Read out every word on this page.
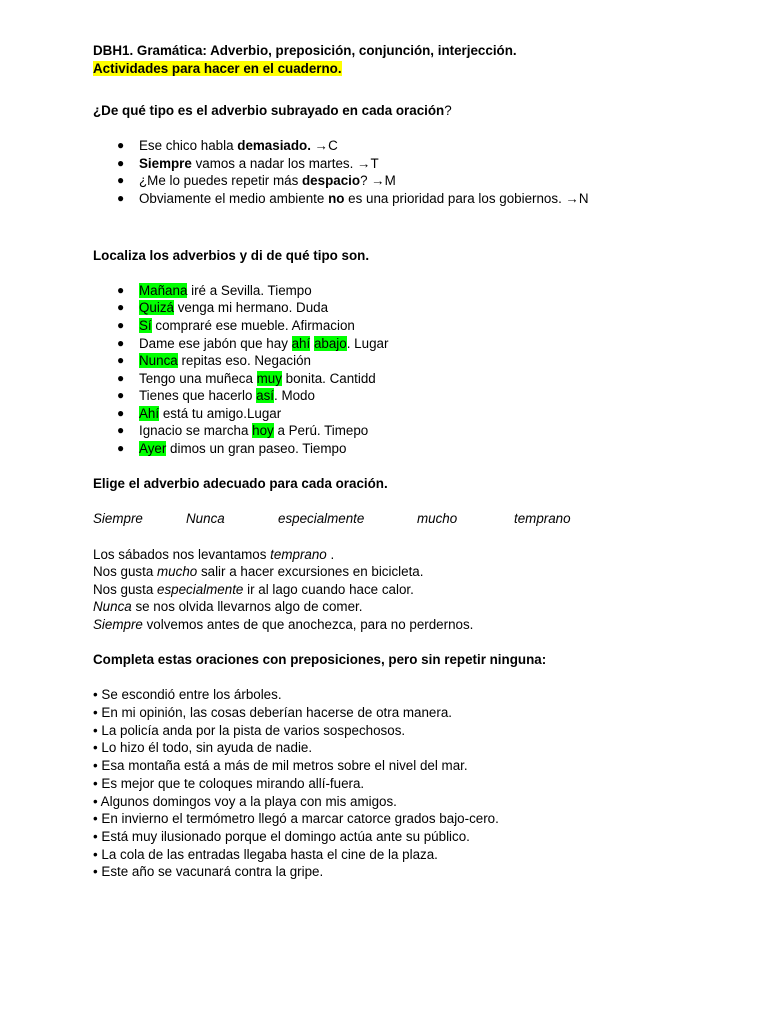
DBH1. Gramática: Adverbio, preposición, conjunción, interjección.
Actividades para hacer en el cuaderno.
¿De qué tipo es el adverbio subrayado en cada oración?
● Ese chico habla demasiado. →C
● Siempre vamos a nadar los martes. →T
● ¿Me lo puedes repetir más despacio? →M
● Obviamente el medio ambiente no es una prioridad para los gobiernos. →N
Localiza los adverbios y di de qué tipo son.
● Mañana iré a Sevilla. Tiempo
● Quizá venga mi hermano. Duda
● Sí compraré ese mueble. Afirmacion
● Dame ese jabón que hay ahí abajo. Lugar
● Nunca repitas eso. Negación
● Tengo una muñeca muy bonita. Cantidd
● Tienes que hacerlo así. Modo
● Ahí está tu amigo.Lugar
● Ignacio se marcha hoy a Perú. Timepo
● Ayer dimos un gran paseo. Tiempo
Elige el adverbio adecuado para cada oración.
Siempre	Nunca	especialmente	mucho	temprano
Los sábados nos levantamos temprano .
Nos gusta mucho salir a hacer excursiones en bicicleta.
Nos gusta especialmente ir al lago cuando hace calor.
Nunca se nos olvida llevarnos algo de comer.
Siempre volvemos antes de que anochezca, para no perdernos.
Completa estas oraciones con preposiciones, pero sin repetir ninguna:
• Se escondió entre los árboles.
• En mi opinión, las cosas deberían hacerse de otra manera.
• La policía anda por la pista de varios sospechosos.
• Lo hizo él todo, sin ayuda de nadie.
• Esa montaña está a más de mil metros sobre el nivel del mar.
• Es mejor que te coloques mirando allí-fuera.
• Algunos domingos voy a la playa con mis amigos.
• En invierno el termómetro llegó a marcar catorce grados bajo-cero.
• Está muy ilusionado porque el domingo actúa ante su público.
• La cola de las entradas llegaba hasta el cine de la plaza.
• Este año se vacunará contra la gripe.
